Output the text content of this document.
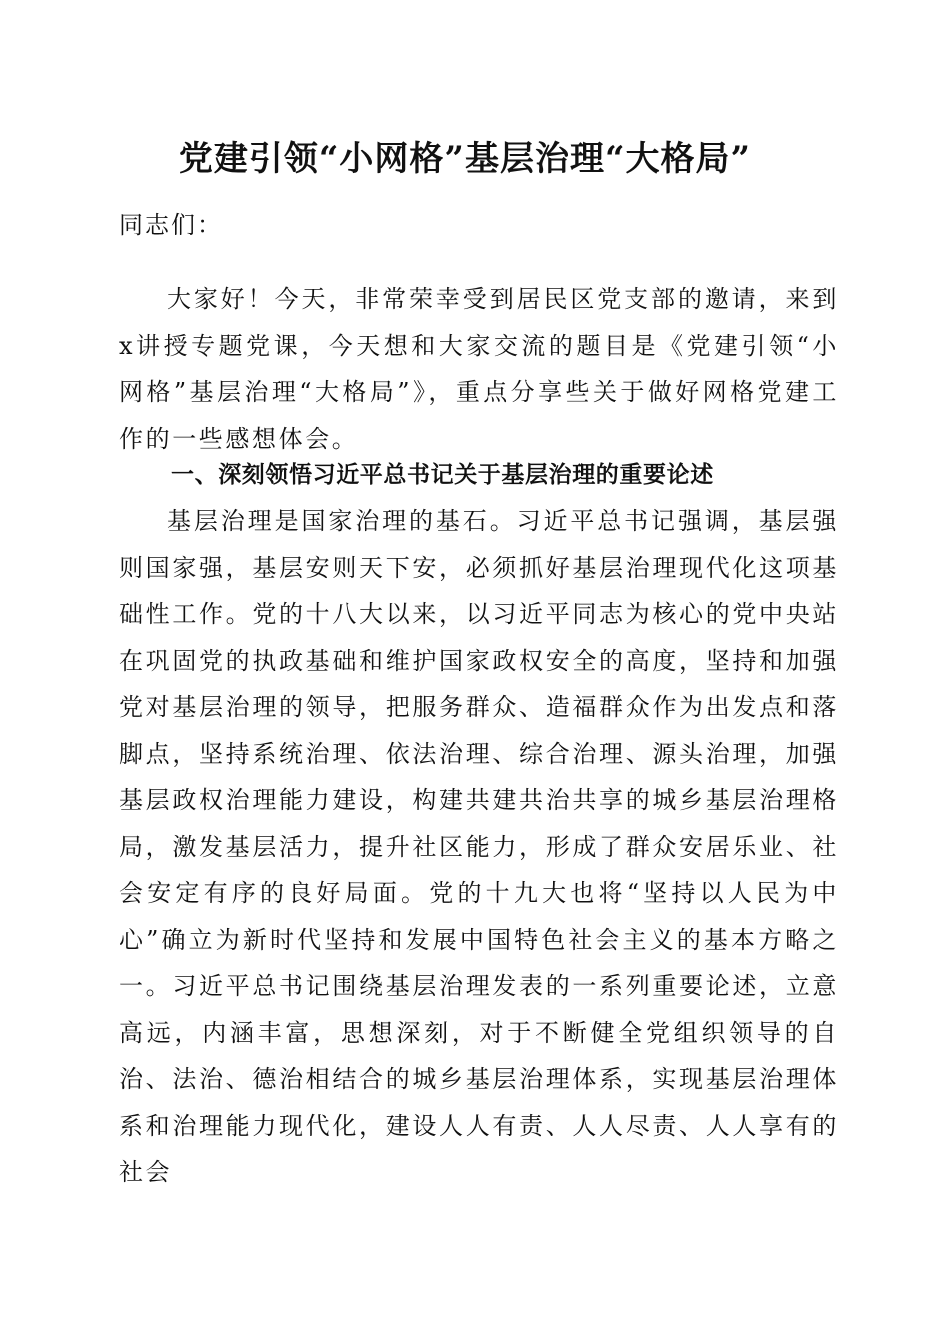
党建引领“小网格”基层治理“大格局”
同志们：

大家好！今天，非常荣幸受到居民区党支部的邀请，来到x讲授专题党课，今天想和大家交流的题目是《党建引领“小网格”基层治理“大格局”》，重点分享些关于做好网格党建工作的一些感想体会。

一、深刻领悟习近平总书记关于基层治理的重要论述

基层治理是国家治理的基石。习近平总书记强调，基层强则国家强，基层安则天下安，必须抓好基层治理现代化这项基础性工作。党的十八大以来，以习近平同志为核心的党中央站在巩固党的执政基础和维护国家政权安全的高度，坚持和加强党对基层治理的领导，把服务群众、造福群众作为出发点和落脚点，坚持系统治理、依法治理、综合治理、源头治理，加强基层政权治理能力建设，构建共建共治共享的城乡基层治理格局，激发基层活力，提升社区能力，形成了群众安居乐业、社会安定有序的良好局面。党的十九大也将“坚持以人民为中心”确立为新时代坚持和发展中国特色社会主义的基本方略之一。习近平总书记围绕基层治理发表的一系列重要论述，立意高远，内涵丰富，思想深刻，对于不断健全党组织领导的自治、法治、德治相结合的城乡基层治理体系，实现基层治理体系和治理能力现代化，建设人人有责、人人尽责、人人享有的社会
